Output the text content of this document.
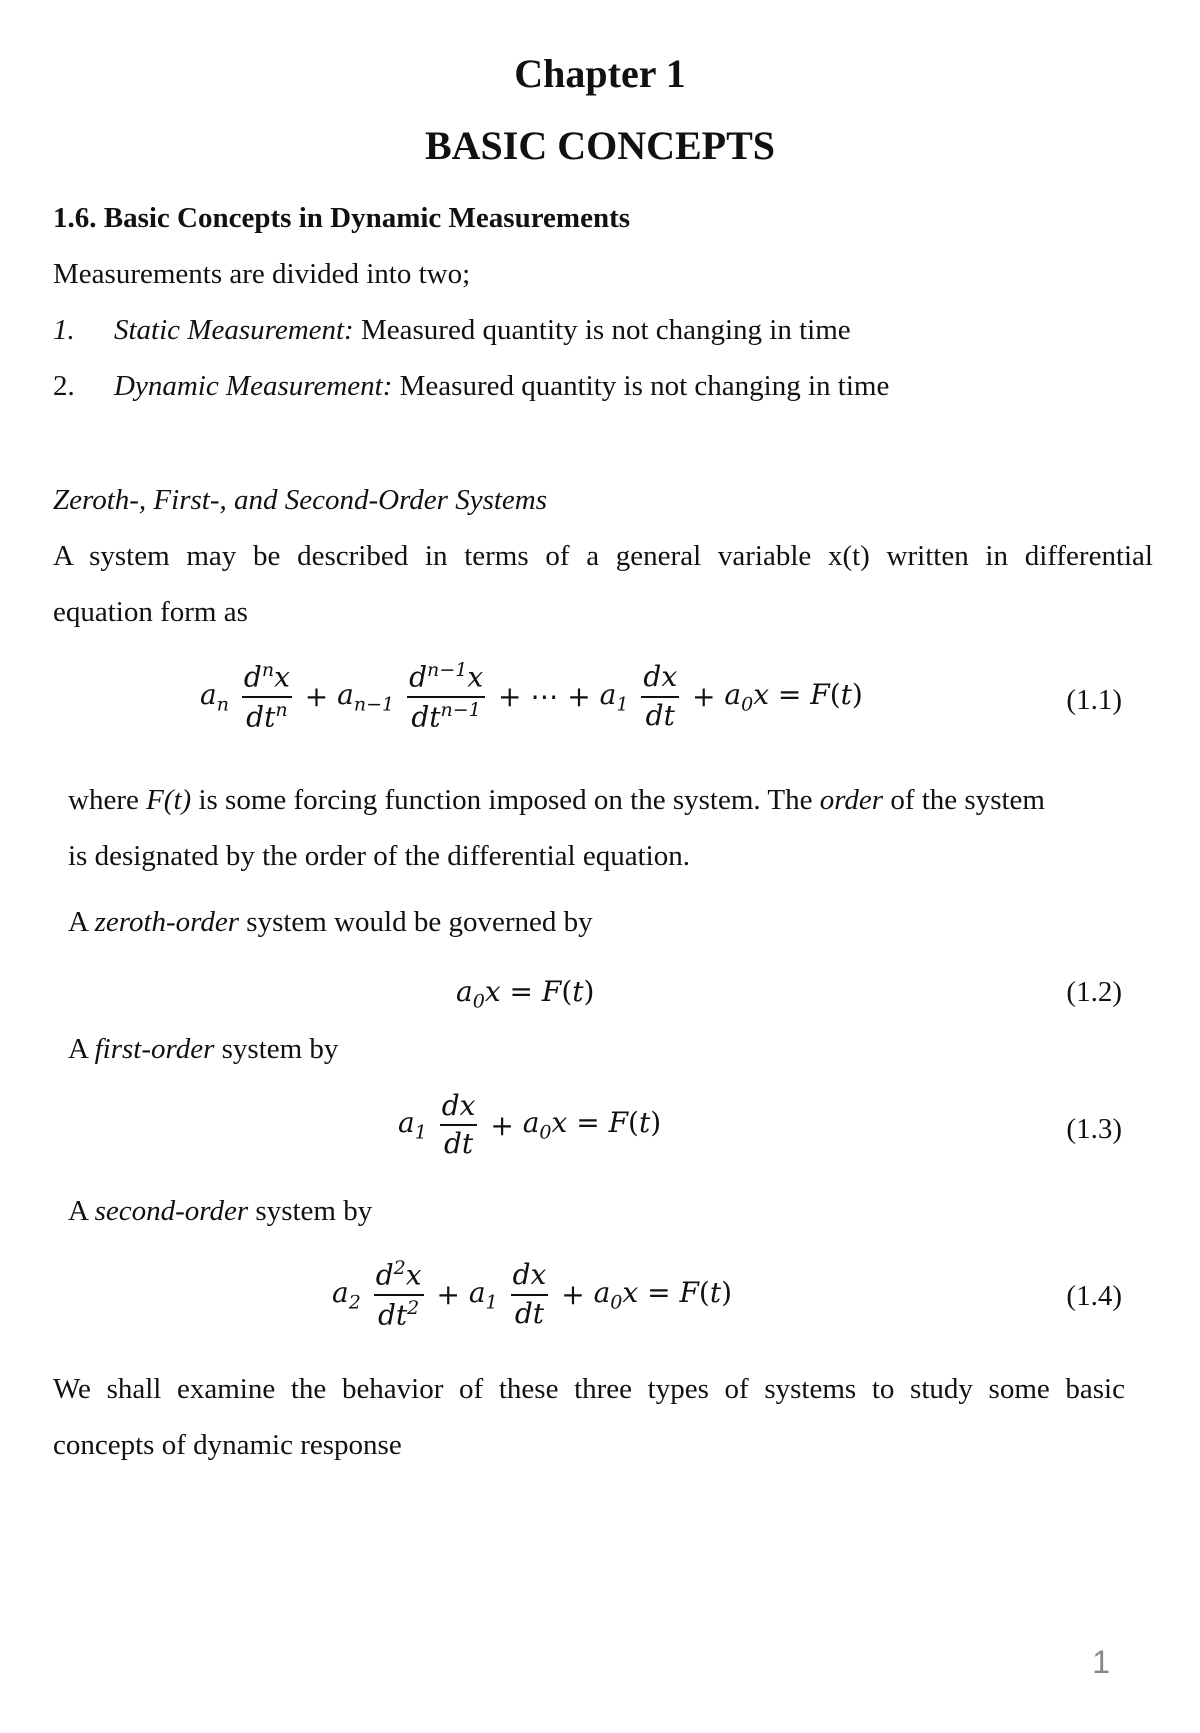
Chapter 1
BASIC CONCEPTS
1.6. Basic Concepts in Dynamic Measurements
Measurements are divided into two;
1. Static Measurement: Measured quantity is not changing in time
2. Dynamic Measurement: Measured quantity is not changing in time
Zeroth-, First-, and Second-Order Systems
A system may be described in terms of a general variable x(t) written in differential
equation form as
$a_n \frac{d^nx}{dt^n} + a_{n-1} \frac{d^{n-1}x}{dt^{n-1}}$ + ⋯ + $a_1 \frac{dx}{dt} + a_0x = F(t)$	(1.1)
where F(t) is some forcing function imposed on the system. The order of the system
is designated by the order of the differential equation.
A zeroth-order system would be governed by
$a_0x = F(t)$	(1.2)
A first-order system by
$a_1 \frac{dx}{dt} + a_0x = F(t)$	(1.3)
A second-order system by
$a_2 \frac{d^2x}{dt^2} + a_1 \frac{dx}{dt} + a_0x = F(t)$	(1.4)
We shall examine the behavior of these three types of systems to study some basic
concepts of dynamic response
1
